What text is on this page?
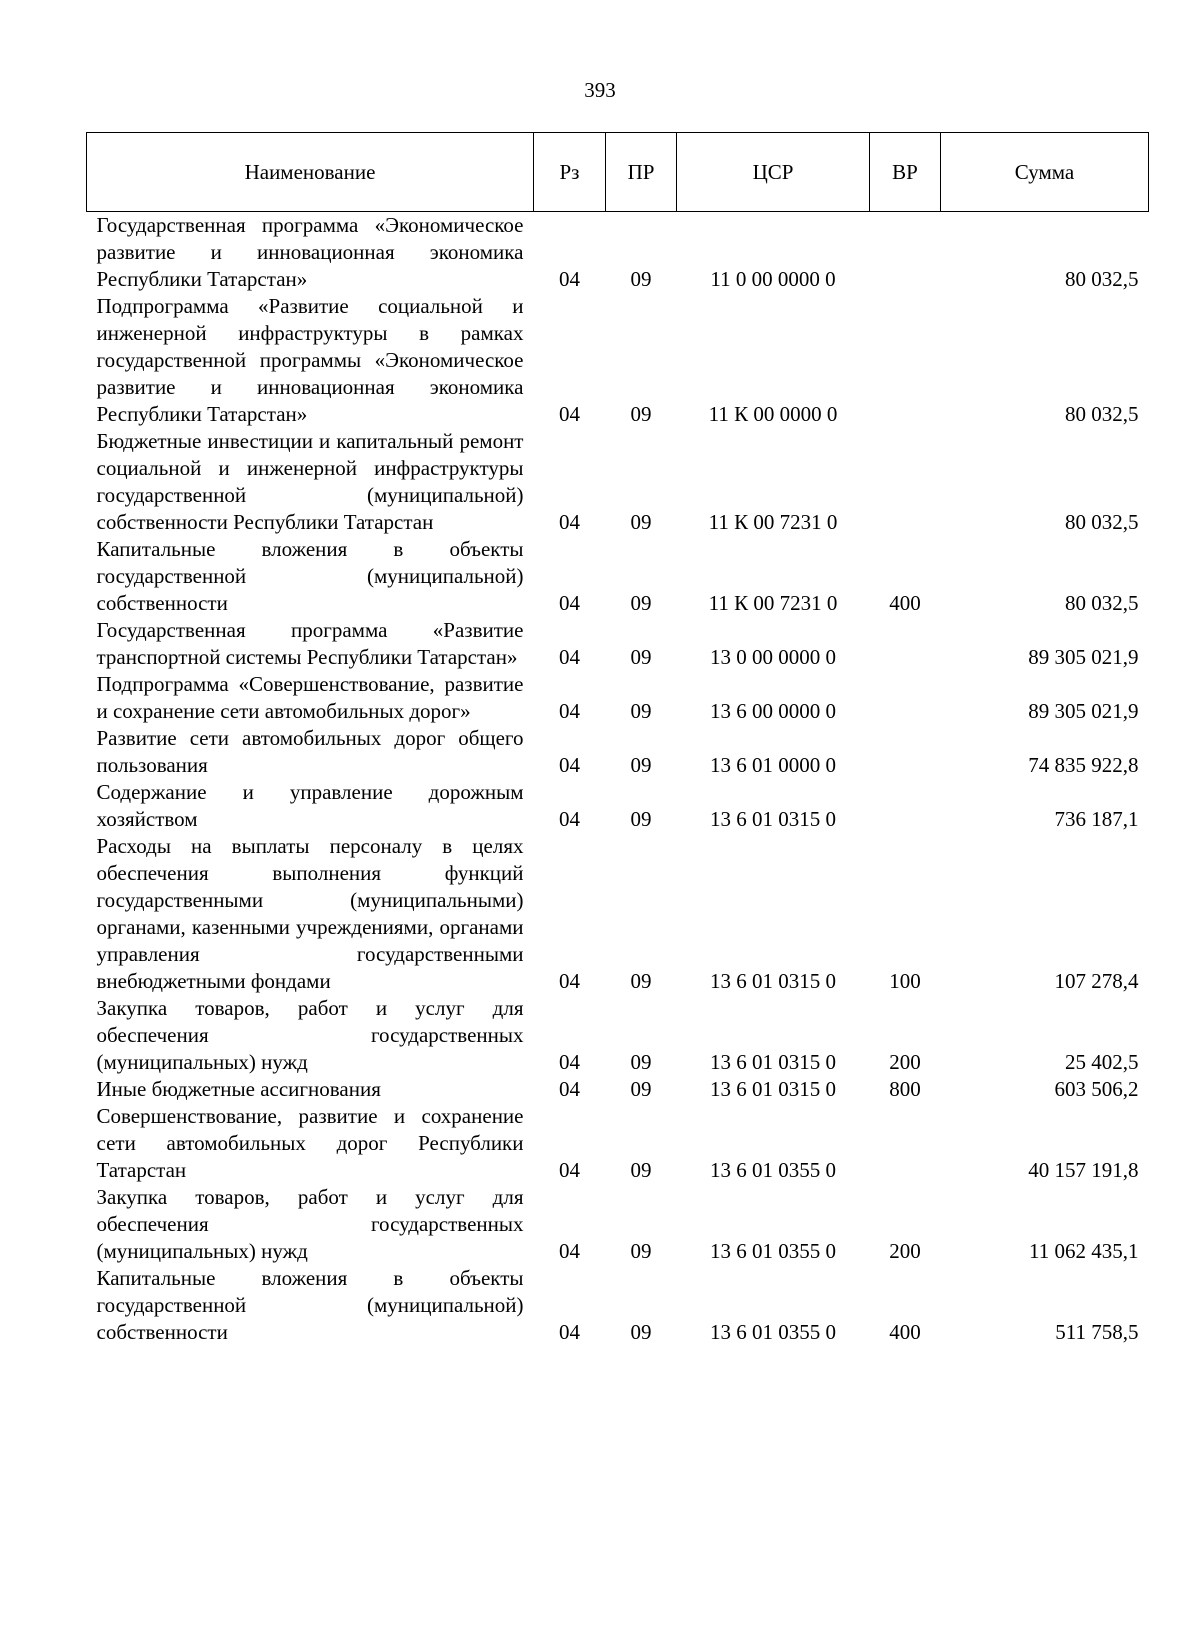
393
Наименование	Рз	ПР	ЦСР	ВР	Сумма
Государственная программа «Экономическое развитие и инновационная экономика Республики Татарстан»	04	09	11 0 00 0000 0		80 032,5
Подпрограмма «Развитие социальной и инженерной инфраструктуры в рамках государственной программы «Экономическое развитие и инновационная экономика Республики Татарстан»	04	09	11 К 00 0000 0		80 032,5
Бюджетные инвестиции и капитальный ремонт социальной и инженерной инфраструктуры государственной (муниципальной) собственности Республики Татарстан	04	09	11 К 00 7231 0		80 032,5
Капитальные вложения в объекты государственной (муниципальной) собственности	04	09	11 К 00 7231 0	400	80 032,5
Государственная программа «Развитие транспортной системы Республики Татарстан»	04	09	13 0 00 0000 0		89 305 021,9
Подпрограмма «Совершенствование, развитие и сохранение сети автомобильных дорог»	04	09	13 6 00 0000 0		89 305 021,9
Развитие сети автомобильных дорог общего пользования	04	09	13 6 01 0000 0		74 835 922,8
Содержание и управление дорожным хозяйством	04	09	13 6 01 0315 0		736 187,1
Расходы на выплаты персоналу в целях обеспечения выполнения функций государственными (муниципальными) органами, казенными учреждениями, органами управления государственными внебюджетными фондами	04	09	13 6 01 0315 0	100	107 278,4
Закупка товаров, работ и услуг для обеспечения государственных (муниципальных) нужд	04	09	13 6 01 0315 0	200	25 402,5
Иные бюджетные ассигнования	04	09	13 6 01 0315 0	800	603 506,2
Совершенствование, развитие и сохранение сети автомобильных дорог Республики Татарстан	04	09	13 6 01 0355 0		40 157 191,8
Закупка товаров, работ и услуг для обеспечения государственных (муниципальных) нужд	04	09	13 6 01 0355 0	200	11 062 435,1
Капитальные вложения в объекты государственной (муниципальной) собственности	04	09	13 6 01 0355 0	400	511 758,5
